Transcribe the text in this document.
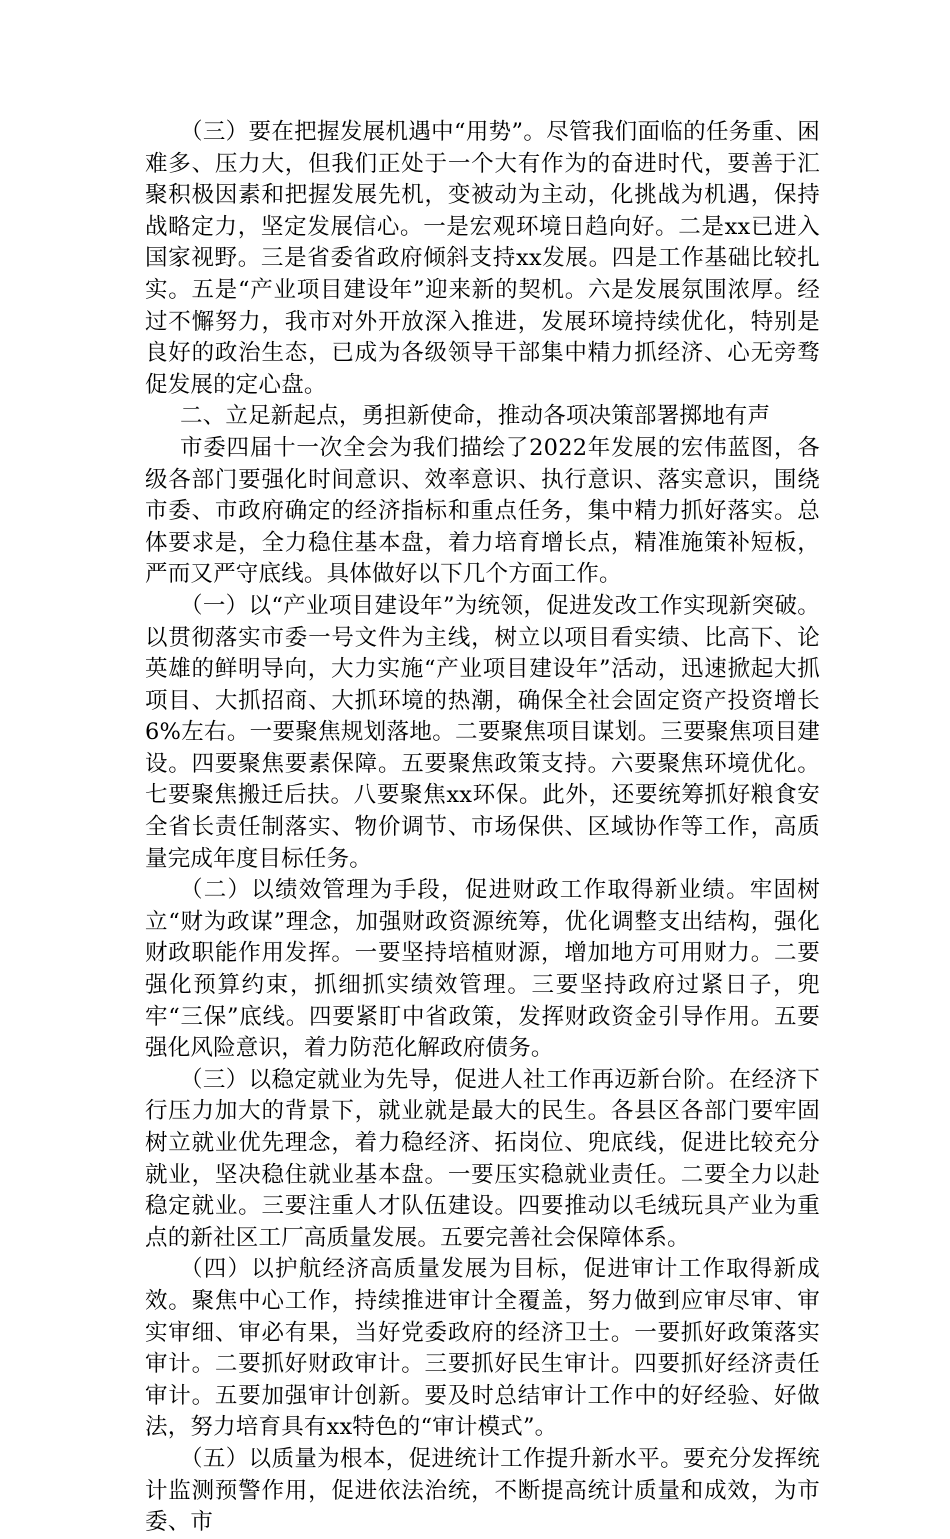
（三）要在把握发展机遇中“用势”。尽管我们面临的任务重、困难多、压力大，但我们正处于一个大有作为的奋进时代，要善于汇聚积极因素和把握发展先机，变被动为主动，化挑战为机遇，保持战略定力，坚定发展信心。一是宏观环境日趋向好。二是xx已进入国家视野。三是省委省政府倾斜支持xx发展。四是工作基础比较扎实。五是“产业项目建设年”迎来新的契机。六是发展氛围浓厚。经过不懈努力，我市对外开放深入推进，发展环境持续优化，特别是良好的政治生态，已成为各级领导干部集中精力抓经济、心无旁骛促发展的定心盘。

二、立足新起点，勇担新使命，推动各项决策部署掷地有声

市委四届十一次全会为我们描绘了2022年发展的宏伟蓝图，各级各部门要强化时间意识、效率意识、执行意识、落实意识，围绕市委、市政府确定的经济指标和重点任务，集中精力抓好落实。总体要求是，全力稳住基本盘，着力培育增长点，精准施策补短板，严而又严守底线。具体做好以下几个方面工作。

（一）以“产业项目建设年”为统领，促进发改工作实现新突破。以贯彻落实市委一号文件为主线，树立以项目看实绩、比高下、论英雄的鲜明导向，大力实施“产业项目建设年”活动，迅速掀起大抓项目、大抓招商、大抓环境的热潮，确保全社会固定资产投资增长6%左右。一要聚焦规划落地。二要聚焦项目谋划。三要聚焦项目建设。四要聚焦要素保障。五要聚焦政策支持。六要聚焦环境优化。七要聚焦搬迁后扶。八要聚焦xx环保。此外，还要统筹抓好粮食安全省长责任制落实、物价调节、市场保供、区域协作等工作，高质量完成年度目标任务。

（二）以绩效管理为手段，促进财政工作取得新业绩。牢固树立“财为政谋”理念，加强财政资源统筹，优化调整支出结构，强化财政职能作用发挥。一要坚持培植财源，增加地方可用财力。二要强化预算约束，抓细抓实绩效管理。三要坚持政府过紧日子，兜牢“三保”底线。四要紧盯中省政策，发挥财政资金引导作用。五要强化风险意识，着力防范化解政府债务。

（三）以稳定就业为先导，促进人社工作再迈新台阶。在经济下行压力加大的背景下，就业就是最大的民生。各县区各部门要牢固树立就业优先理念，着力稳经济、拓岗位、兜底线，促进比较充分就业，坚决稳住就业基本盘。一要压实稳就业责任。二要全力以赴稳定就业。三要注重人才队伍建设。四要推动以毛绒玩具产业为重点的新社区工厂高质量发展。五要完善社会保障体系。

（四）以护航经济高质量发展为目标，促进审计工作取得新成效。聚焦中心工作，持续推进审计全覆盖，努力做到应审尽审、审实审细、审必有果，当好党委政府的经济卫士。一要抓好政策落实审计。二要抓好财政审计。三要抓好民生审计。四要抓好经济责任审计。五要加强审计创新。要及时总结审计工作中的好经验、好做法，努力培育具有xx特色的“审计模式”。

（五）以质量为根本，促进统计工作提升新水平。要充分发挥统计监测预警作用，促进依法治统，不断提高统计质量和成效，为市委、市
